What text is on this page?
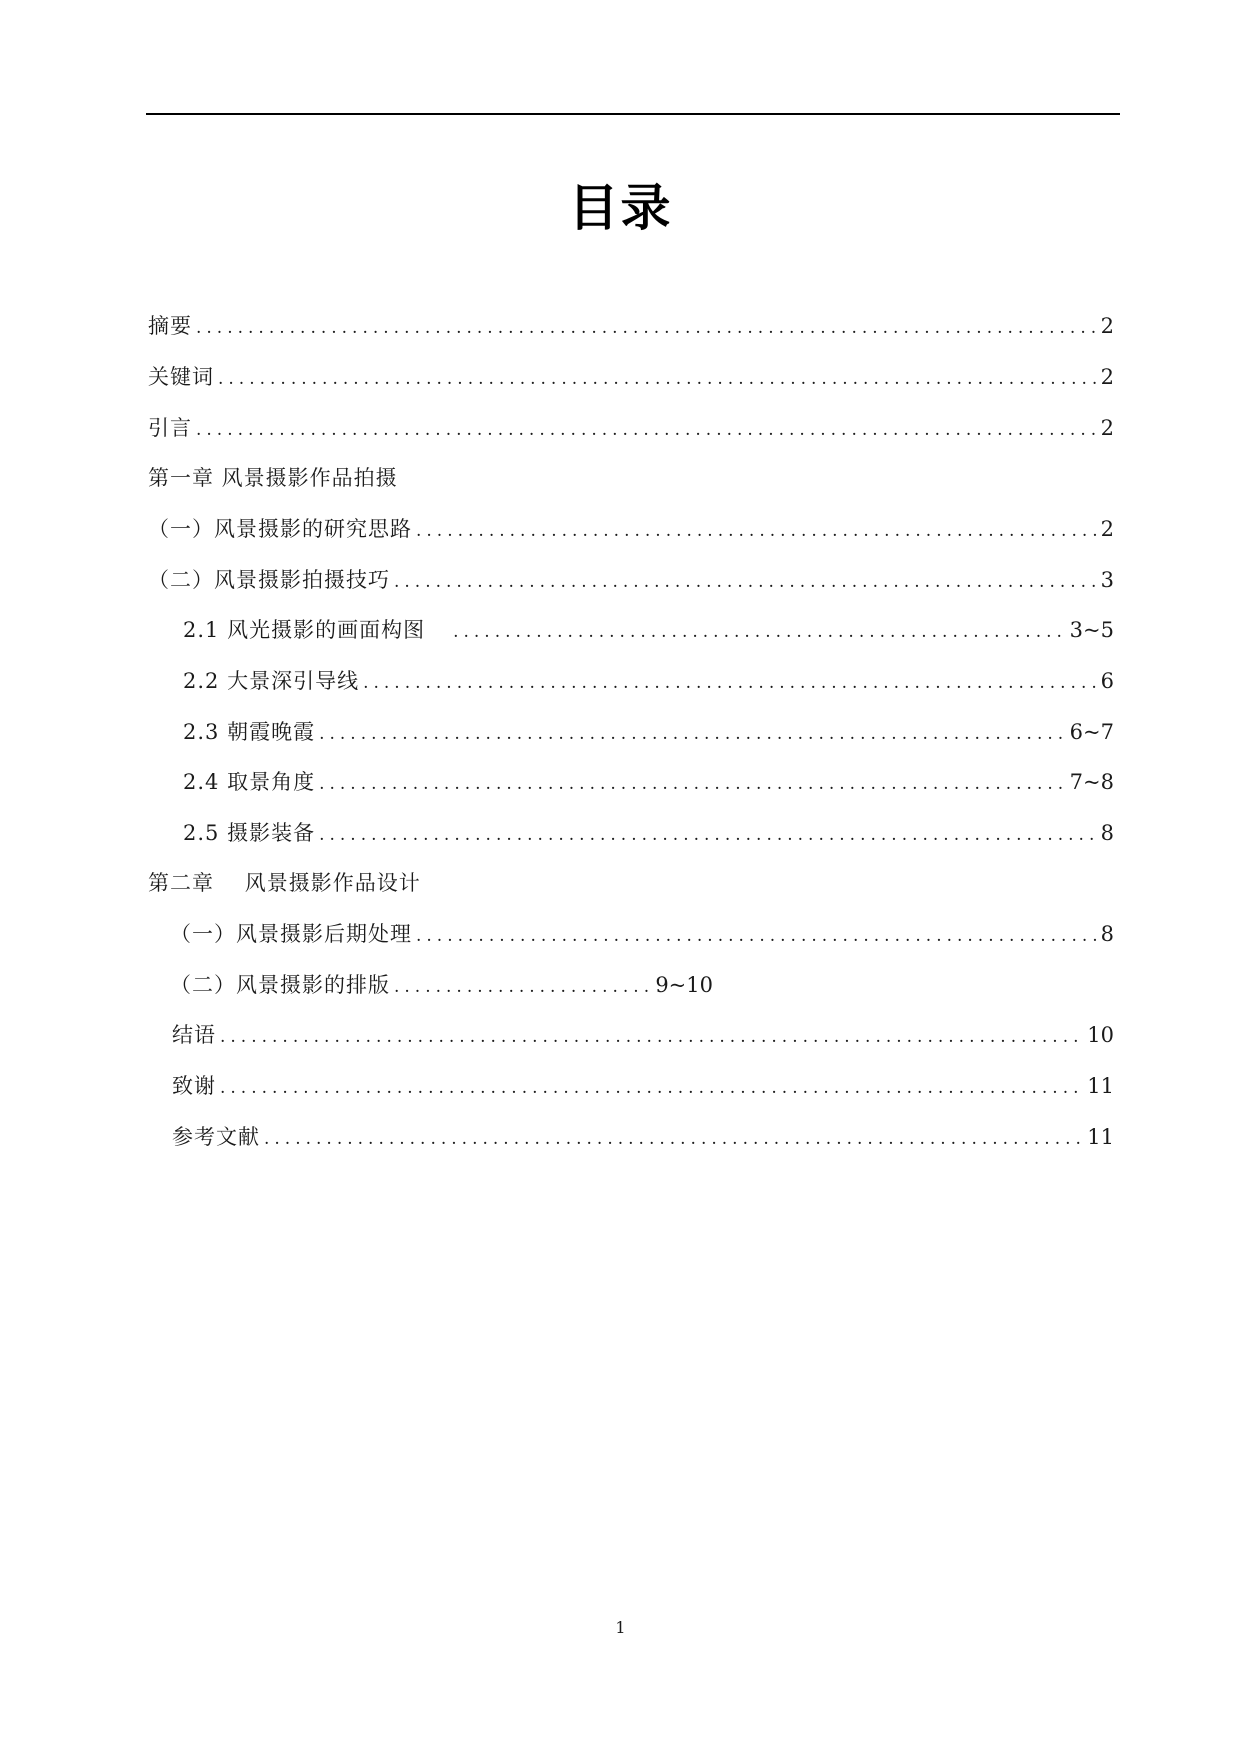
目录
摘要 .....	2
关键词 .....	2
引言 .....	2
第一章 风景摄影作品拍摄
（一）风景摄影的研究思路 .....	2
（二）风景摄影拍摄技巧 .....	3
2.1 风光摄影的画面构图 .....	3~5
2.2 大景深引导线 .....	6
2.3 朝霞晚霞 .....	6~7
2.4 取景角度 .....	7~8
2.5 摄影装备 .....	8
第二章    风景摄影作品设计
（一）风景摄影后期处理 .....	8
（二）风景摄影的排版 .....	9~10
结语 .....	10
致谢 .....	11
参考文献 .....	11
1
